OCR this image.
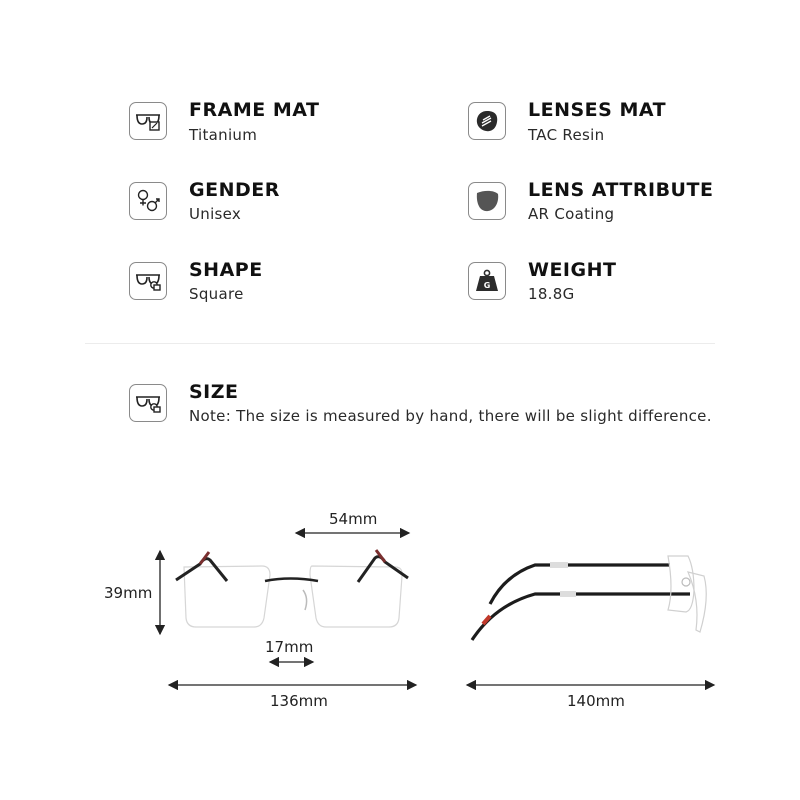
FRAME MAT
Titanium
LENSES MAT
TAC Resin
GENDER
Unisex
LENS ATTRIBUTE
AR Coating
SHAPE
Square	G
WEIGHT
18.8G
SIZE
Note: The size is measured by hand, there will be slight difference.
54mm
39mm
17mm
136mm	140mm
